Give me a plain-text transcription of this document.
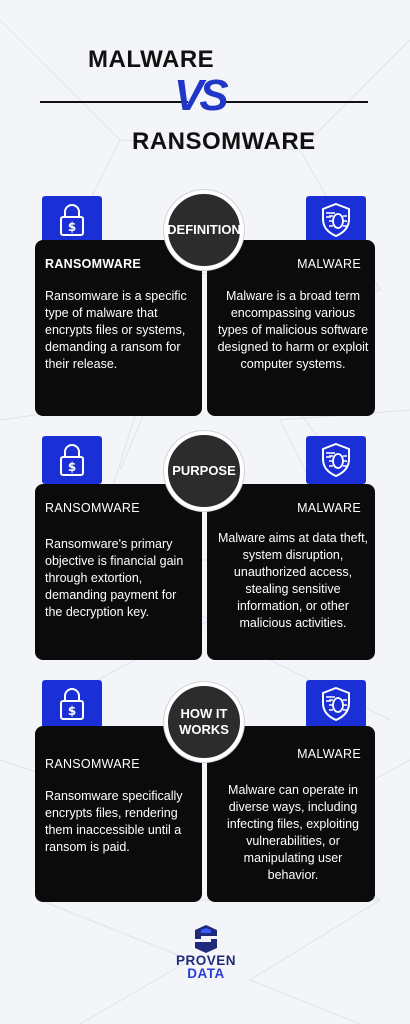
MALWARE
VS
RANSOMWARE
$
RANSOMWARE
Ransomware is a specific type of malware that encrypts files or systems, demanding a ransom for their release.
MALWARE
Malware is a broad term encompassing various types of malicious software designed to harm or exploit computer systems.
DEFINITION
$
RANSOMWARE
Ransomware's primary objective is financial gain through extortion, demanding payment for the decryption key.
MALWARE
Malware aims at data theft, system disruption, unauthorized access, stealing sensitive information, or other malicious activities.
PURPOSE
$
RANSOMWARE
Ransomware specifically encrypts files, rendering them inaccessible until a ransom is paid.
MALWARE
Malware can operate in diverse ways, including infecting files, exploiting vulnerabilities, or manipulating user behavior.
HOW IT
WORKS
PROVEN
DATA
